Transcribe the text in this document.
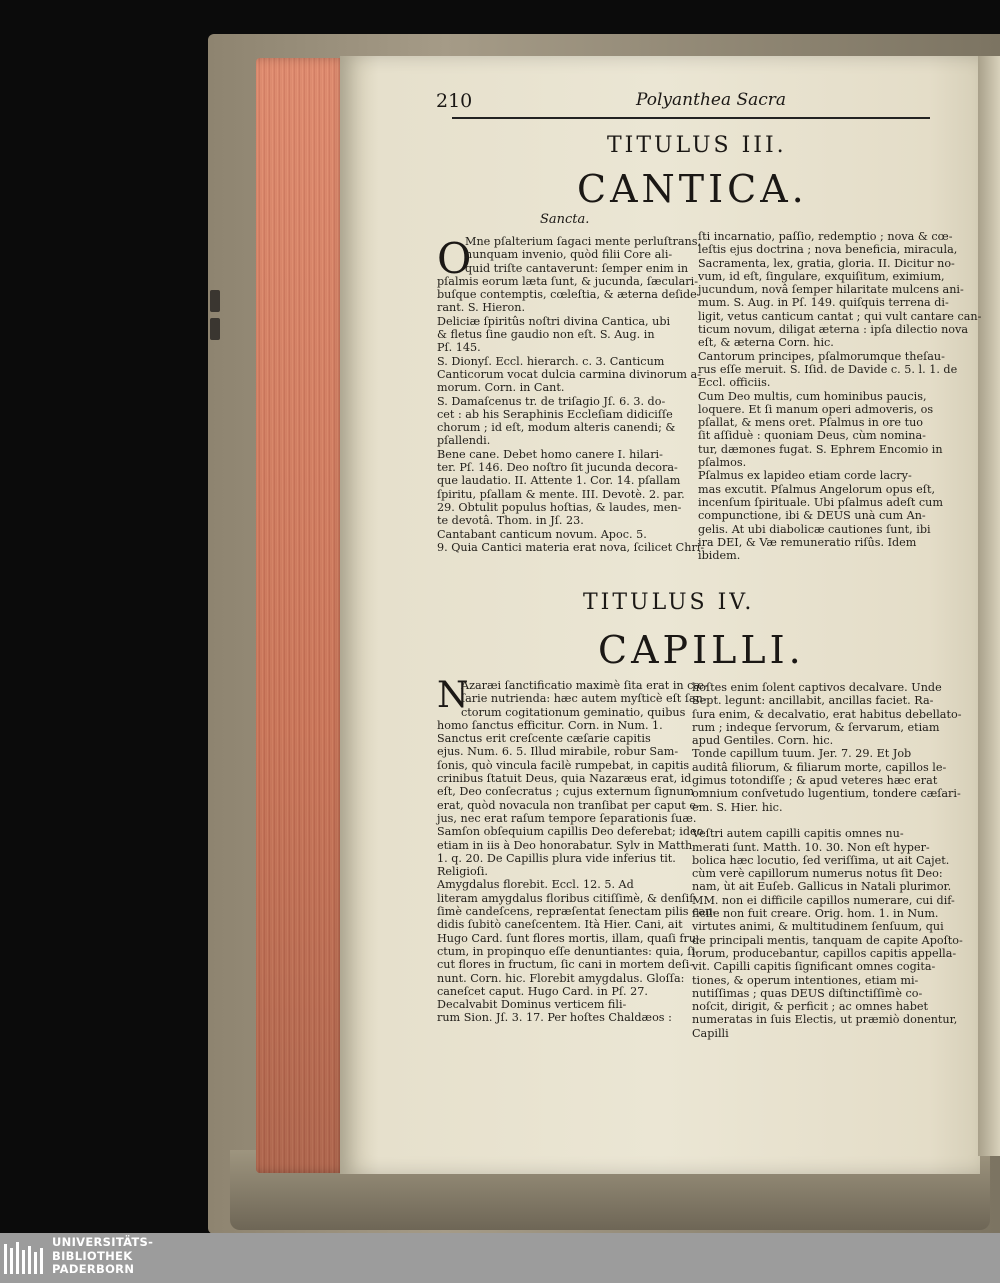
210	Polyanthea Sacra
TITULUS III.
CANTICA.
Sancta.
O

Mne pſalterium ſagaci mente perluſtrans,

nunquam invenio, quòd filii Core ali-

quid triſte cantaverunt: ſemper enim in

pſalmis eorum læta ſunt, & jucunda, ſæculari-

buſque contemptis, cœleſtia, & æterna deſide-

rant. S. Hieron.

Deliciæ ſpiritûs noſtri divina Cantica, ubi

& fletus ſine gaudio non eſt. S. Aug. in

Pſ. 145.

S. Dionyſ. Eccl. hierarch. c. 3. Canticum

Canticorum vocat dulcia carmina divinorum a-

morum. Corn. in Cant.

S. Damaſcenus tr. de triſagio Jſ. 6. 3. do-

cet : ab his Seraphinis Eccleſiam didiciſſe

chorum ; id eſt, modum alteris canendi; &

pſallendi.

Bene cane. Debet homo canere I. hilari-

ter. Pſ. 146. Deo noſtro ſit jucunda decora-

que laudatio. II. Attente 1. Cor. 14. pſallam

ſpiritu, pſallam & mente. III. Devotè. 2. par.

29. Obtulit populus hoſtias, & laudes, men-

te devotâ. Thom. in Jſ. 23.

Cantabant canticum novum. Apoc. 5.

9. Quia Cantici materia erat nova, ſcilicet Chri-

ſti incarnatio, paſſio, redemptio ; nova & cœ-

leſtis ejus doctrina ; nova beneficia, miracula,

Sacramenta, lex, gratia, gloria. II. Dicitur no-

vum, id eſt, ſingulare, exquiſitum, eximium,

jucundum, novâ ſemper hilaritate mulcens ani-

mum. S. Aug. in Pſ. 149. quiſquis terrena di-

ligit, vetus canticum cantat ; qui vult cantare can-

ticum novum, diligat æterna : ipſa dilectio nova

eſt, & æterna Corn. hic.

Cantorum principes, pſalmorumque theſau-

rus eſſe meruit. S. Iſid. de Davide c. 5. l. 1. de

Eccl. officiis.

Cum Deo multis, cum hominibus paucis,

loquere. Et ſi manum operi admoveris, os

pſallat, & mens oret. Pſalmus in ore tuo

ſit aſſiduè : quoniam Deus, cùm nomina-

tur, dæmones fugat. S. Ephrem Encomio in

pſalmos.

Pſalmus ex lapideo etiam corde lacry-

mas excutit. Pſalmus Angelorum opus eſt,

incenſum ſpirituale. Ubi pſalmus adeſt cum

compunctione, ibi & DEUS unà cum An-

gelis. At ubi diabolicæ cautiones ſunt, ibi

ira DEI, & Væ remuneratio riſûs. Idem

ibidem.

TITULUS IV.
CAPILLI.
N

Azaræi ſanctificatio maximè ſita erat in cæ-

ſarie nutrienda: hæc autem myſticè eſt ſan-

ctorum cogitationum geminatio, quibus

homo ſanctus efficitur. Corn. in Num. 1.

Sanctus erit creſcente cæſarie capitis

ejus. Num. 6. 5. Illud mirabile, robur Sam-

ſonis, quò vincula facilè rumpebat, in capitis

crinibus ſtatuit Deus, quia Nazaræus erat, id

eſt, Deo conſecratus ; cujus externum ſignum

erat, quòd novacula non tranſibat per caput e-

jus, nec erat raſum tempore ſeparationis ſuæ.

Samſon obſequium capillis Deo deferebat; ideo

etiam in iis à Deo honorabatur. Sylv in Matth.

1. q. 20. De Capillis plura vide inferius tit.

Religioſi.

Amygdalus florebit. Eccl. 12. 5. Ad

literam amygdalus floribus citiſſimè, & denſiſ-

ſimè candeſcens, repræſentat ſenectam pilis can-

didis ſubitò caneſcentem. Ità Hier. Cani, ait

Hugo Card. ſunt flores mortis, illam, quaſi fru-

ctum, in propinquo eſſe denuntiantes: quia, ſi-

cut flores in fructum, ſic cani in mortem deſi-

nunt. Corn. hic. Florebit amygdalus. Gloſſa:

caneſcet caput. Hugo Card. in Pſ. 27.

Decalvabit Dominus verticem fili-

rum Sion. Jſ. 3. 17. Per hoſtes Chaldæos :

hoſtes enim ſolent captivos decalvare. Unde

Sept. legunt: ancillabit, ancillas faciet. Ra-

ſura enim, & decalvatio, erat habitus debellato-

rum ; indeque ſervorum, & ſervarum, etiam

apud Gentiles. Corn. hic.

Tonde capillum tuum. Jer. 7. 29. Et Job

auditâ filiorum, & filiarum morte, capillos le-

gimus totondiſſe ; & apud veteres hæc erat

omnium conſvetudo lugentium, tondere cæſari-

em. S. Hier. hic.

Veſtri autem capilli capitis omnes nu-

merati ſunt. Matth. 10. 30. Non eſt hyper-

bolica hæc locutio, ſed veriſſima, ut ait Cajet.

cùm verè capillorum numerus notus ſit Deo:

nam, ùt ait Euſeb. Gallicus in Natali plurimor.

MM. non ei difficile capillos numerare, cui dif-

ficile non fuit creare. Orig. hom. 1. in Num.

virtutes animi, & multitudinem ſenſuum, qui

de principali mentis, tanquam de capite Apoſto-

lorum, producebantur, capillos capitis appella-

vit. Capilli capitis ſignificant omnes cogita-

tiones, & operum intentiones, etiam mi-

nutiſſimas ; quas DEUS diſtinctiſſimè co-

noſcit, dirigit, & perficit ; ac omnes habet

numeratas in ſuis Electis, ut præmiò donentur,

Capilli

UNIVERSITÄTS-
BIBLIOTHEK
PADERBORN
